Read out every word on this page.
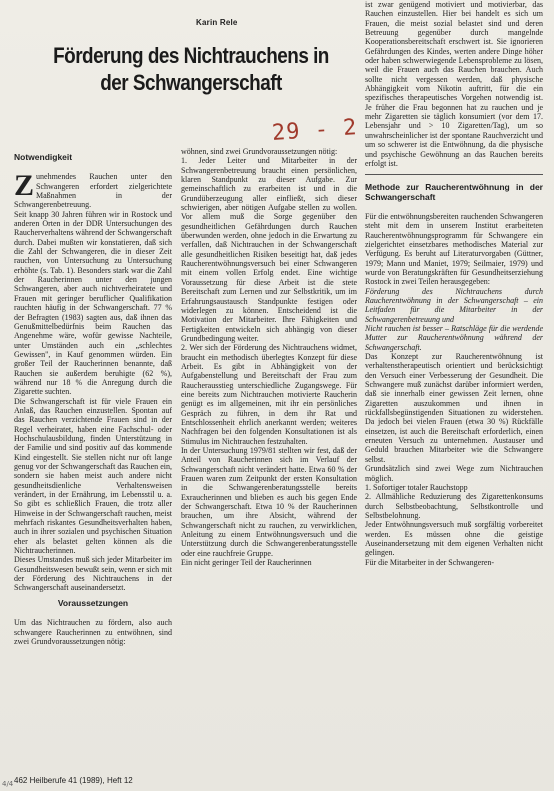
Karin Rele
Förderung des Nichtrauchens in der Schwangerschaft
29 - 2

Notwendigkeit

Zunehmendes Rauchen unter den Schwangeren erfordert zielgerichtete Maßnahmen in der Schwangerenbetreuung.

Seit knapp 30 Jahren führen wir in Rostock und anderen Orten in der DDR Untersuchungen des Raucherverhaltens während der Schwangerschaft durch. Dabei mußten wir konstatieren, daß sich die Zahl der Schwangeren, die in dieser Zeit rauchen, von Untersuchung zu Untersuchung erhöhte (s. Tab. 1). Besonders stark war die Zahl der Raucherinnen unter den jungen Schwangeren, aber auch nichtverheiratete und Frauen mit geringer beruflicher Qualifikation rauchten häufig in der Schwangerschaft. 77 % der Befragten (1983) sagten aus, daß ihnen das Genußmittelbedürfnis beim Rauchen das Angenehme wäre, wofür gewisse Nachteile, unter Umständen auch ein „schlechtes Gewissen", in Kauf genommen würden. Ein großer Teil der Raucherinnen benannte, daß Rauchen sie außerdem beruhigte (62 %), während nur 18 % die Anregung durch die Zigarette suchten.

Die Schwangerschaft ist für viele Frauen ein Anlaß, das Rauchen einzustellen. Spontan auf das Rauchen verzichtende Frauen sind in der Regel verheiratet, haben eine Fachschul- oder Hochschulausbildung, finden Unterstützung in der Familie und sind positiv auf das kommende Kind eingestellt. Sie stellen nicht nur oft lange genug vor der Schwangerschaft das Rauchen ein, sondern sie haben meist auch andere nicht gesundheitsdienliche Verhaltensweisen verändert, in der Ernährung, im Lebensstil u. a. So gibt es schließlich Frauen, die trotz aller Hinweise in der Schwangerschaft rauchen, meist mehrfach riskantes Gesundheitsverhalten haben, auch in ihrer sozialen und psychischen Situation eher als belastet gelten können als die Nichtraucherinnen.

Dieses Umstandes muß sich jeder Mitarbeiter im Gesundheitswesen bewußt sein, wenn er sich mit der Förderung des Nichtrauchens in der Schwangerschaft auseinandersetzt.

Voraussetzungen

Um das Nichtrauchen zu fördern, also auch schwangere Raucherinnen zu entwöhnen, sind zwei Grundvoraussetzungen nötig:

wöhnen, sind zwei Grundvoraussetzungen nötig:

1. Jeder Leiter und Mitarbeiter in der Schwangerenbetreuung braucht einen persönlichen, klaren Standpunkt zu dieser Aufgabe. Zur gemeinschaftlich zu erarbeiten ist und in die Grundüberzeugung aller einfließt, sich dieser schwierigen, aber nötigen Aufgabe stellen zu wollen. Vor allem muß die Sorge gegenüber den gesundheitlichen Gefährdungen durch Rauchen überwunden werden, ohne jedoch in die Erwartung zu verfallen, daß Nichtrauchen in der Schwangerschaft alle gesundheitlichen Risiken beseitigt hat, daß jedes Raucherentwöhnungsversuch bei einer Schwangeren mit einem vollen Erfolg endet. Eine wichtige Voraussetzung für diese Arbeit ist die stete Bereitschaft zum Lernen und zur Selbstkritik, um im Erfahrungsaustausch Standpunkte festigen oder widerlegen zu können. Entscheidend ist die Motivation der Mitarbeiter. Ihre Fähigkeiten und Fertigkeiten entwickeln sich abhängig von dieser Grundbedingung weiter.

2. Wer sich der Förderung des Nichtrauchens widmet, braucht ein methodisch überlegtes Konzept für diese Arbeit. Es gibt in Abhängigkeit von der Aufgabenstellung und Bereitschaft der Frau zum Raucherausstieg unterschiedliche Zugangswege. Für eine bereits zum Nichtrauchen motivierte Raucherin genügt es im allgemeinen, mit ihr ein persönliches Gespräch zu führen, in dem ihr Rat und Entschlossenheit ehrlich anerkannt werden; weiteres Nachfragen bei den folgenden Konsultationen ist als Stimulus im Nichtrauchen festzuhalten.

In der Untersuchung 1979/81 stellten wir fest, daß der Anteil von Raucherinnen sich im Verlauf der Schwangerschaft nicht verändert hatte. Etwa 60 % der Frauen waren zum Zeitpunkt der ersten Konsultation in die Schwangerenberatungsstelle bereits Exraucherinnen und blieben es auch bis gegen Ende der Schwangerschaft. Etwa 10 % der Raucherinnen brauchen, um ihre Absicht, während der Schwangerschaft nicht zu rauchen, zu verwirklichen, Anleitung zu einem Entwöhnungsversuch und die Unterstützung durch die Schwangerenberatungsstelle oder eine rauchfreie Gruppe.

Ein nicht geringer Teil der Raucherinnen

ist zwar genügend motiviert und motivierbar, das Rauchen einzustellen. Hier bei handelt es sich um Frauen, die meist sozial belastet sind und deren Betreuung gegenüber durch mangelnde Kooperationsbereitschaft erschwert ist. Sie ignorieren Gefährdungen des Kindes, werten andere Dinge höher oder haben schwerwiegende Lebensprobleme zu lösen, weil die Frauen auch das Rauchen brauchen. Auch sollte nicht vergessen werden, daß physische Abhängigkeit vom Nikotin auftritt, für die ein spezifisches therapeutisches Vorgehen notwendig ist. Je früher die Frau begonnen hat zu rauchen und je mehr Zigaretten sie täglich konsumiert (vor dem 17. Lebensjahr und > 10 Zigaretten/Tag), um so unwahrscheinlicher ist der spontane Rauchverzicht und um so schwerer ist die Entwöhnung, da die physische und psychische Gewöhnung an das Rauchen bereits erfolgt ist.

Methode zur Raucherentwöhnung in der Schwangerschaft

Für die entwöhnungsbereiten rauchenden Schwangeren steht mit dem in unserem Institut erarbeiteten Raucherentwöhnungsprogramm für Schwangere ein zielgerichtet einsetzbares methodisches Material zur Verfügung. Es beruht auf Literaturvorgaben (Güttner, 1979; Mann und Maniet, 1979; Seilmaier, 1979) und wurde von Beratungskräften für Gesundheitserziehung Rostock in zwei Teilen herausgegeben:

Förderung des Nichtrauchens durch Raucherentwöhnung in der Schwangerschaft – ein Leitfaden für die Mitarbeiter in der Schwangerenbetreuung und

Nicht rauchen ist besser – Ratschläge für die werdende Mutter zur Raucherentwöhnung während der Schwangerschaft.

Das Konzept zur Raucherentwöhnung ist verhaltenstherapeutisch orientiert und berücksichtigt den Versuch einer Verbesserung der Gesundheit. Die Schwangere muß zunächst darüber informiert werden, daß sie innerhalb einer gewissen Zeit lernen, ohne Zigaretten auszukommen und ihnen in rückfallsbegünstigenden Situationen zu widerstehen. Da jedoch bei vielen Frauen (etwa 30 %) Rückfälle einsetzen, ist auch die Bereitschaft erforderlich, einen erneuten Versuch zu unternehmen. Austauser und Geduld brauchen Mitarbeiter wie die Schwangere selbst.

Grundsätzlich sind zwei Wege zum Nichtrauchen möglich.

1. Sofortiger totaler Rauchstopp

2. Allmähliche Reduzierung des Zigarettenkonsums durch Selbstbeobachtung, Selbstkontrolle und Selbstbelohnung.

Jeder Entwöhnungsversuch muß sorgfältig vorbereitet werden. Es müssen ohne die geistige Auseinandersetzung mit dem eigenen Verhalten nicht gelingen.

Für die Mitarbeiter in der Schwangeren-

462 Heilberufe 41 (1989), Heft 12
4/4
